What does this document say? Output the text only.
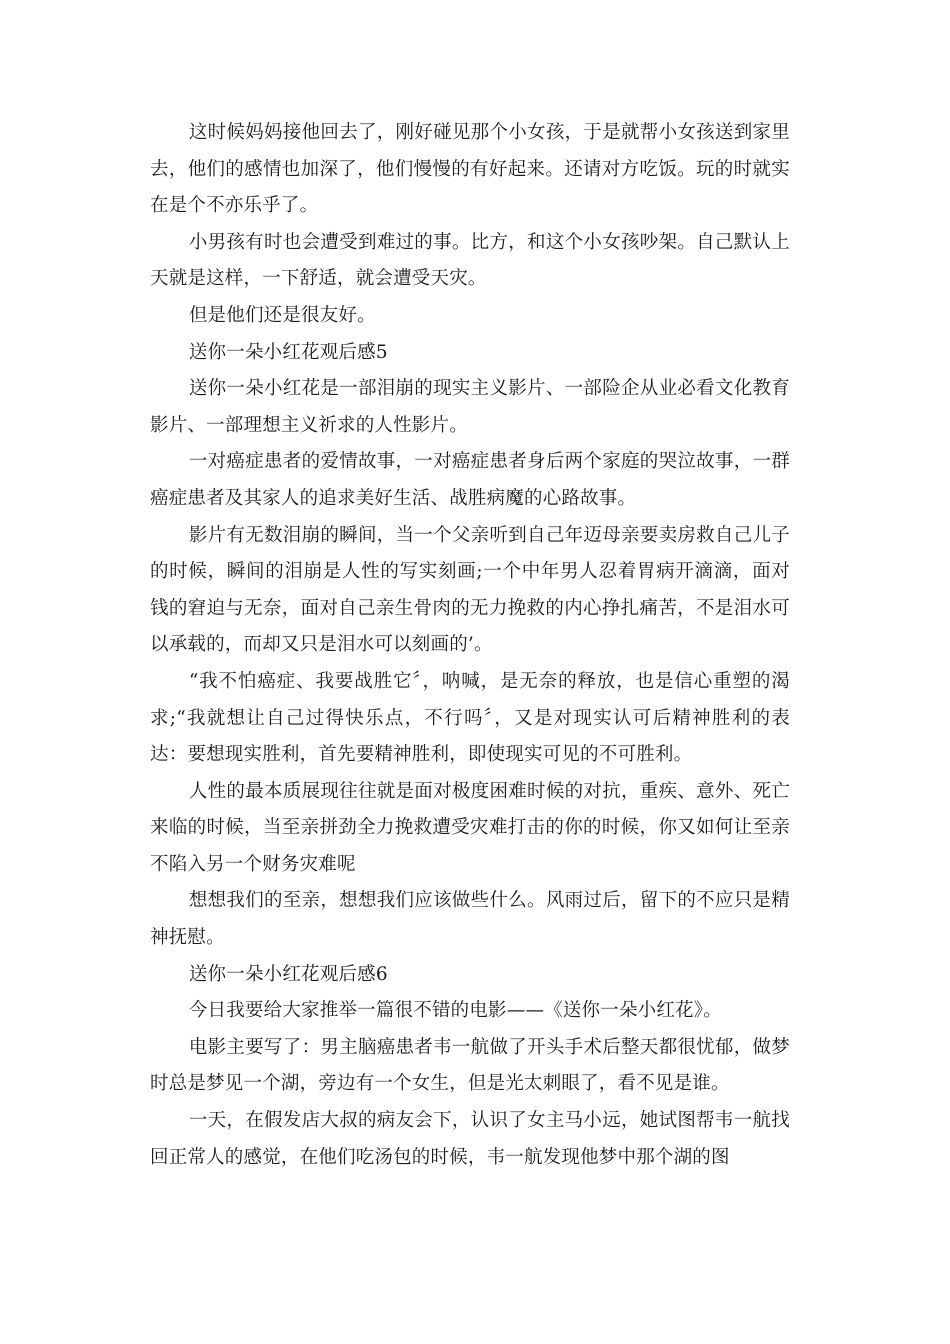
这时候妈妈接他回去了，刚好碰见那个小女孩，于是就帮小女孩送到家里去，他们的感情也加深了，他们慢慢的有好起来。还请对方吃饭。玩的时就实在是个不亦乐乎了。

小男孩有时也会遭受到难过的事。比方，和这个小女孩吵架。自己默认上天就是这样，一下舒适，就会遭受天灾。

但是他们还是很友好。

送你一朵小红花观后感5

送你一朵小红花是一部泪崩的现实主义影片、一部险企从业必看文化教育影片、一部理想主义祈求的人性影片。

一对癌症患者的爱情故事，一对癌症患者身后两个家庭的哭泣故事，一群癌症患者及其家人的追求美好生活、战胜病魔的心路故事。

影片有无数泪崩的瞬间，当一个父亲听到自己年迈母亲要卖房救自己儿子的时候，瞬间的泪崩是人性的写实刻画;一个中年男人忍着胃病开滴滴，面对钱的窘迫与无奈，面对自己亲生骨肉的无力挽救的内心挣扎痛苦，不是泪水可以承载的，而却又只是泪水可以刻画的’。

“我不怕癌症、我要战胜它〞，呐喊，是无奈的释放，也是信心重塑的渴求;“我就想让自己过得快乐点，不行吗〞，又是对现实认可后精神胜利的表达：要想现实胜利，首先要精神胜利，即使现实可见的不可胜利。

人性的最本质展现往往就是面对极度困难时候的对抗，重疾、意外、死亡来临的时候，当至亲拼劲全力挽救遭受灾难打击的你的时候，你又如何让至亲不陷入另一个财务灾难呢

想想我们的至亲，想想我们应该做些什么。风雨过后，留下的不应只是精神抚慰。

送你一朵小红花观后感6

今日我要给大家推举一篇很不错的电影——《送你一朵小红花》。

电影主要写了：男主脑癌患者韦一航做了开头手术后整天都很忧郁，做梦时总是梦见一个湖，旁边有一个女生，但是光太刺眼了，看不见是谁。

一天，在假发店大叔的病友会下，认识了女主马小远，她试图帮韦一航找回正常人的感觉，在他们吃汤包的时候，韦一航发现他梦中那个湖的图
